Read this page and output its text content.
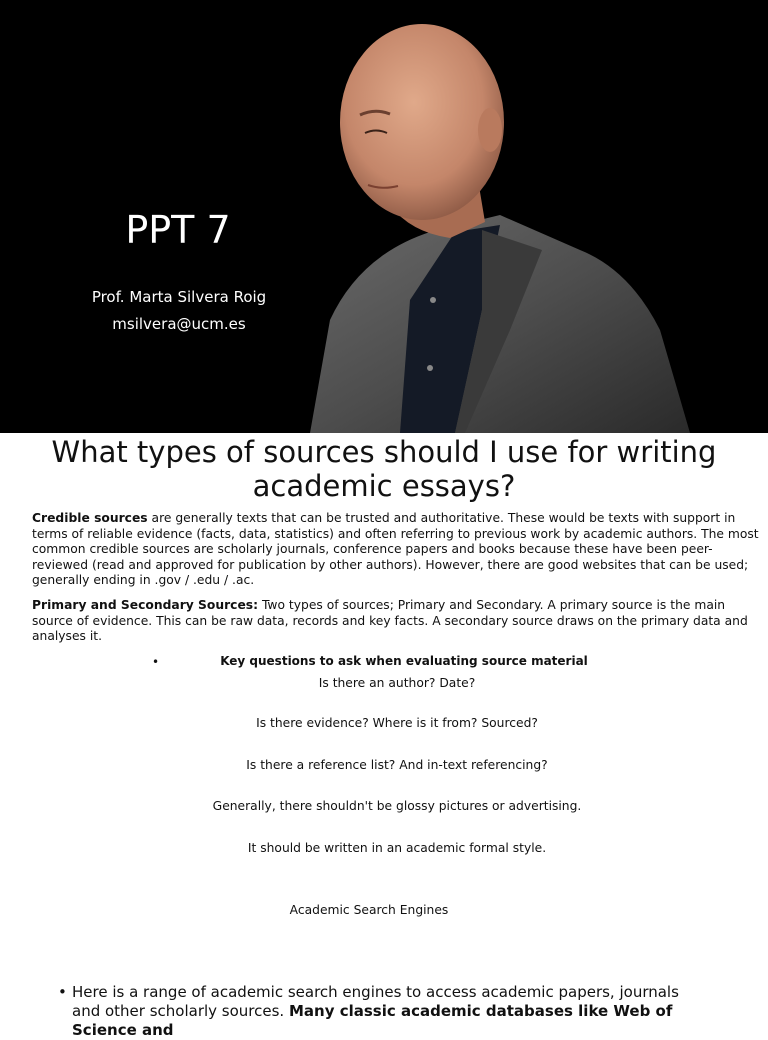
PPT 7
Prof. Marta Silvera Roig
msilvera@ucm.es
What types of sources should I use for writing academic essays?
Credible sources are generally texts that can be trusted and authoritative. These would be texts with support in terms of reliable evidence (facts, data, statistics) and often referring to previous work by academic authors. The most common credible sources are scholarly journals, conference papers and books because these have been peer-reviewed (read and approved for publication by other authors). However, there are good websites that can be used; generally ending in .gov / .edu / .ac.
Primary and Secondary Sources: Two types of sources; Primary and Secondary. A primary source is the main source of evidence. This can be raw data, records and key facts. A secondary source draws on the primary data and analyses it.
•	Key questions to ask when evaluating source material
Is there an author? Date?
Is there evidence? Where is it from? Sourced?
Is there a reference list? And in-text referencing?
Generally, there shouldn't be glossy pictures or advertising.
It should be written in an academic formal style.
Academic Search Engines
• Here is a range of academic search engines to access academic papers, journals and other scholarly sources. Many classic academic databases like Web of Science and
